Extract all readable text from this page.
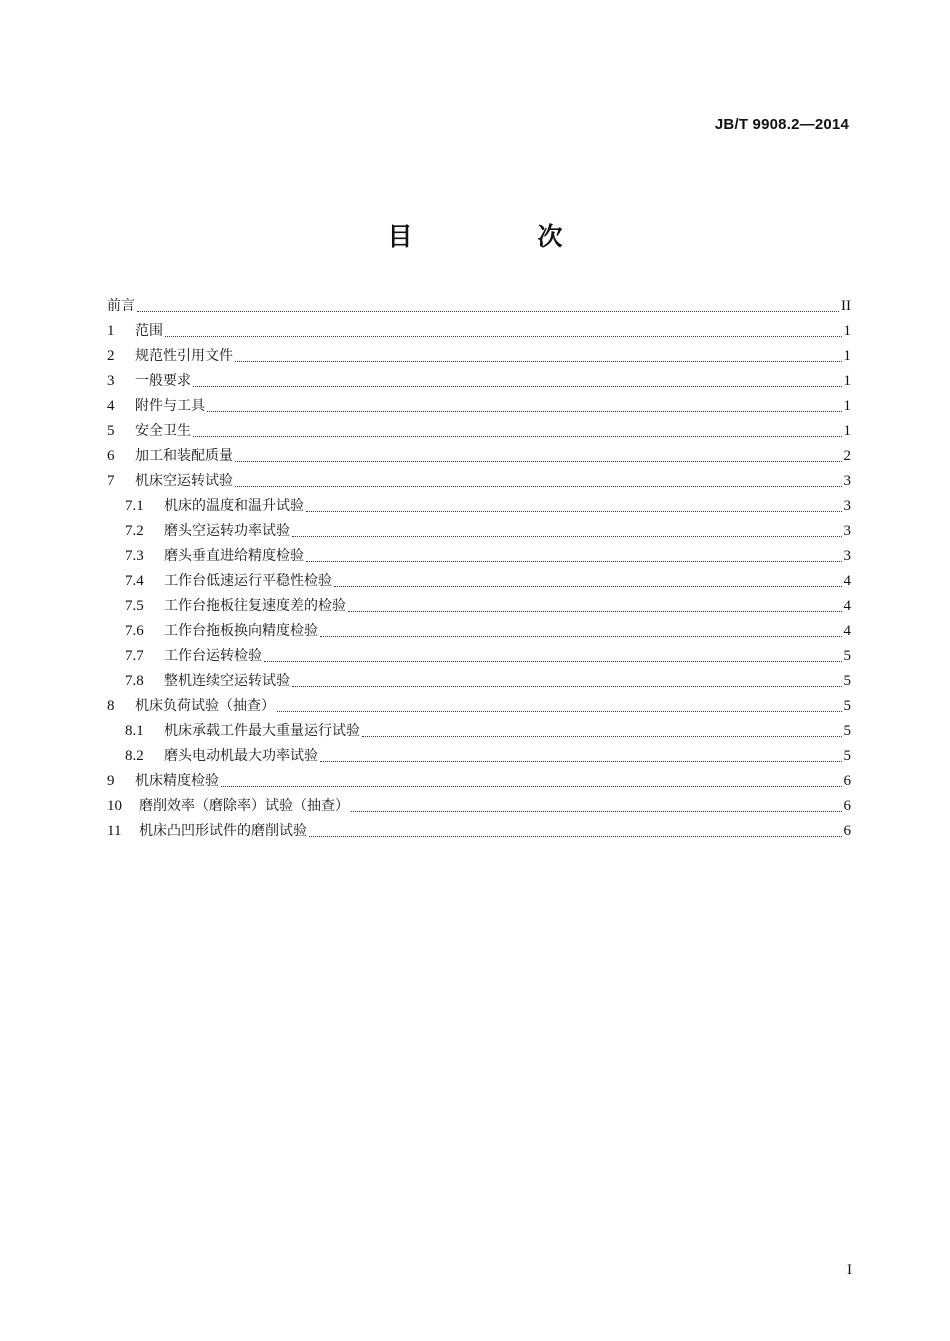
JB/T 9908.2—2014
目　次
前言	II
1	范围	1
2	规范性引用文件	1
3	一般要求	1
4	附件与工具	1
5	安全卫生	1
6	加工和装配质量	2
7	机床空运转试验	3
7.1	机床的温度和温升试验	3
7.2	磨头空运转功率试验	3
7.3	磨头垂直进给精度检验	3
7.4	工作台低速运行平稳性检验	4
7.5	工作台拖板往复速度差的检验	4
7.6	工作台拖板换向精度检验	4
7.7	工作台运转检验	5
7.8	整机连续空运转试验	5
8	机床负荷试验（抽查）	5
8.1	机床承载工件最大重量运行试验	5
8.2	磨头电动机最大功率试验	5
9	机床精度检验	6
10	磨削效率（磨除率）试验（抽查）	6
11	机床凸凹形试件的磨削试验	6
I
